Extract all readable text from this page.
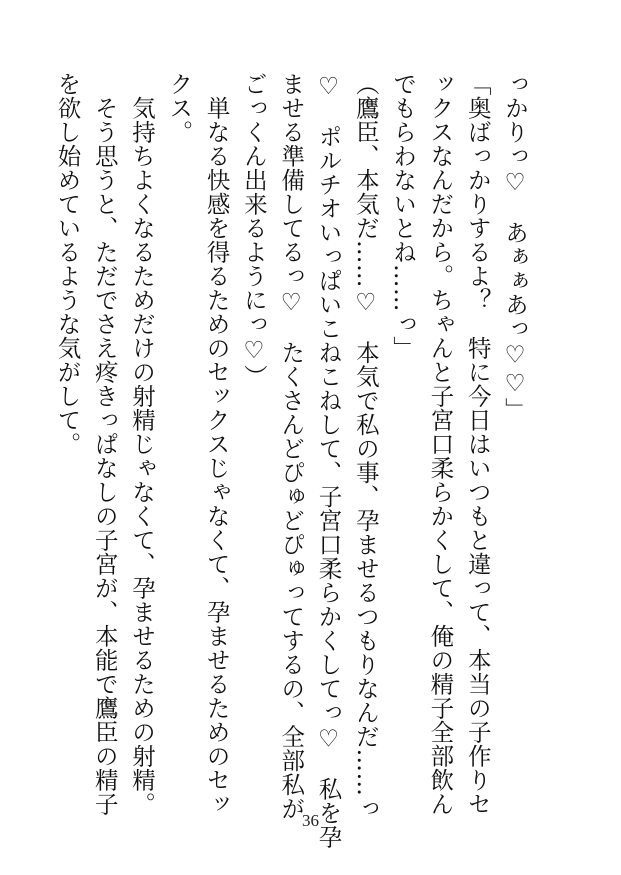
っかりっ♡　あぁぁあっ♡♡」
「奥ばっかりするよ？　特に今日はいつもと違って、本当の子作りセ
ックスなんだから。ちゃんと子宮口柔らかくして、俺の精子全部飲ん
でもらわないとね……っ」
（鷹臣、本気だ……♡　本気で私の事、孕ませるつもりなんだ……っ
♡　ポルチオいっぱいこねこねして、子宮口柔らかくしてっ♡　私を孕
ませる準備してるっ♡　たくさんどぴゅどぴゅってするの、全部私が
ごっくん出来るようにっ♡）
　単なる快感を得るためのセックスじゃなくて、孕ませるためのセッ
クス。
　気持ちよくなるためだけの射精じゃなくて、孕ませるための射精。
　そう思うと、ただでさえ疼きっぱなしの子宮が、本能で鷹臣の精子
を欲し始めているような気がして。
36
